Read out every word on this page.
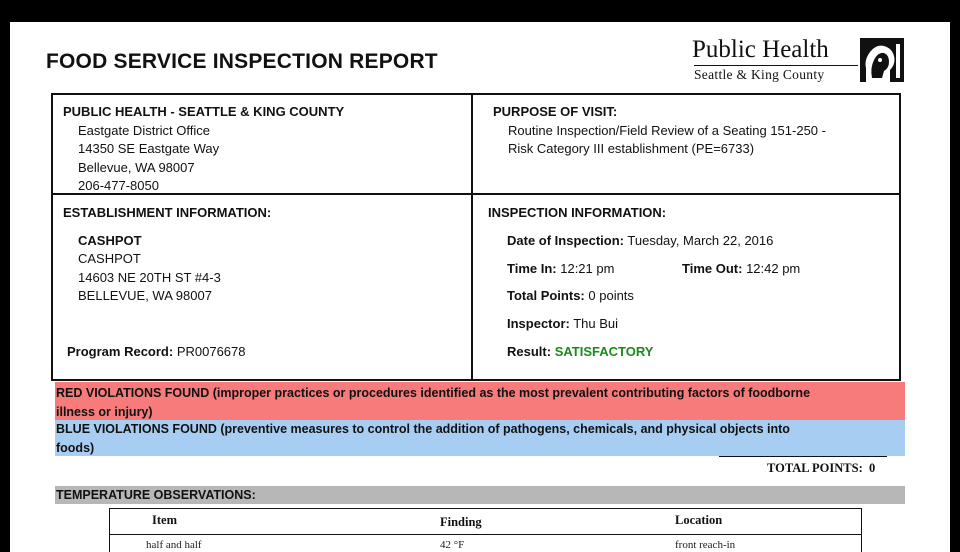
FOOD SERVICE INSPECTION REPORT	Public Health
Seattle & King County
PUBLIC HEALTH - SEATTLE & KING COUNTY
Eastgate District Office
14350 SE Eastgate Way
Bellevue, WA 98007
206-477-8050
PURPOSE OF VISIT:
Routine Inspection/Field Review of a Seating 151-250 -
Risk Category III establishment (PE=6733)
ESTABLISHMENT INFORMATION:
CASHPOT
CASHPOT
14603 NE 20TH ST #4-3
BELLEVUE, WA 98007
Program Record: PR0076678
INSPECTION INFORMATION:
Date of Inspection: Tuesday, March 22, 2016
Time In: 12:21 pm	Time Out: 12:42 pm
Total Points: 0 points
Inspector: Thu Bui
Result: SATISFACTORY
RED VIOLATIONS FOUND (improper practices or procedures identified as the most prevalent contributing factors of foodborne illness or injury)
BLUE VIOLATIONS FOUND (preventive measures to control the addition of pathogens, chemicals, and physical objects into foods)
TOTAL POINTS: 0
TEMPERATURE OBSERVATIONS:
Item	Finding	Location
half and half	42 °F	front reach-in
